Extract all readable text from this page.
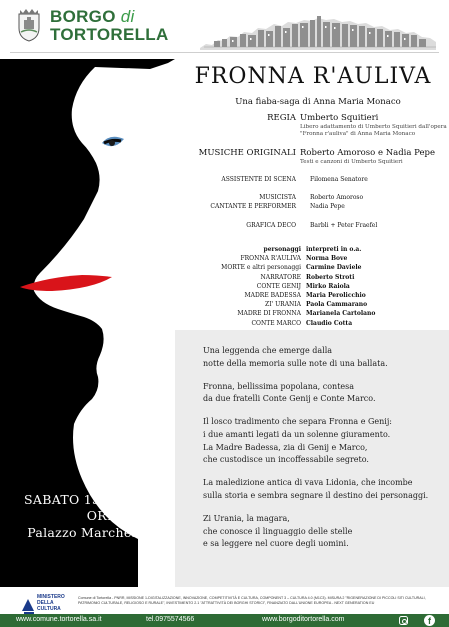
BORGO di
TORTORELLA
SABATO 13 LUGLIO
ORE 21.30
Palazzo Marchesale
FRONNA R'AULIVA
Una fiaba-saga di Anna Maria Monaco
REGIA Umberto Squitieri
Libero adattamento di Umberto Squitieri dall'opera
"Fronna r'auliva" di Anna Maria Monaco
MUSICHE ORIGINALI Roberto Amoroso e Nadia Pepe
Testi e canzoni di Umberto Squitieri
ASSISTENTE DI SCENA Filomena Senatore
MUSICISTA Roberto Amoroso
CANTANTE E PERFORMER Nadia Pepe
GRAFICA DECO Barbli + Peter Fraefel
personaggi interpreti in o.a.
FRONNA R'AULIVA Norma Bove
MORTE e altri personaggi Carmine Daviele
NARRATORE Roberto Stroti
CONTE GENIJ Mirko Raiola
MADRE BADESSA Maria Perolicchio
ZI' URANIA Paola Cammarano
MADRE DI FRONNA Marianela Cartolano
CONTE MARCO Claudio Cotta

Una leggenda che emerge dalla
notte della memoria sulle note di una ballata.

Fronna, bellissima popolana, contesa
da due fratelli Conte Genij e Conte Marco.

Il losco tradimento che separa Fronna e Genij:
i due amanti legati da un solenne giuramento.
La Madre Badessa, zia di Genij e Marco,
che custodisce un incoffessabile segreto.

La maledizione antica di vava Lidonia, che incombe
sulla storia e sembra segnare il destino dei personaggi.

Zi Urania, la magara,
che conosce il linguaggio delle stelle
e sa leggere nel cuore degli uomini.

MINISTERO
DELLA
CULTURA
Comune di Tortorella - PNRR, MISSIONE 1-DIGITALIZZAZIONE, INNOVAZIONE, COMPETITIVITÀ E CULTURA, COMPONENT 3 – CULTURA 4.0 (M1C3). MISURA 2 "RIGENERAZIONE DI PICCOLI SITI CULTURALI, PATRIMONIO CULTURALE, RELIGIOSO E RURALE", INVESTIMENTO 2.1 "ATTRATTIVITÀ DEI BORGHI STORICI", FINANZIATO DALL'UNIONE EUROPEA - NEXT GENERATION EU
www.comune.tortorella.sa.it	tel.0975574566	www.borgoditortorella.com	f
